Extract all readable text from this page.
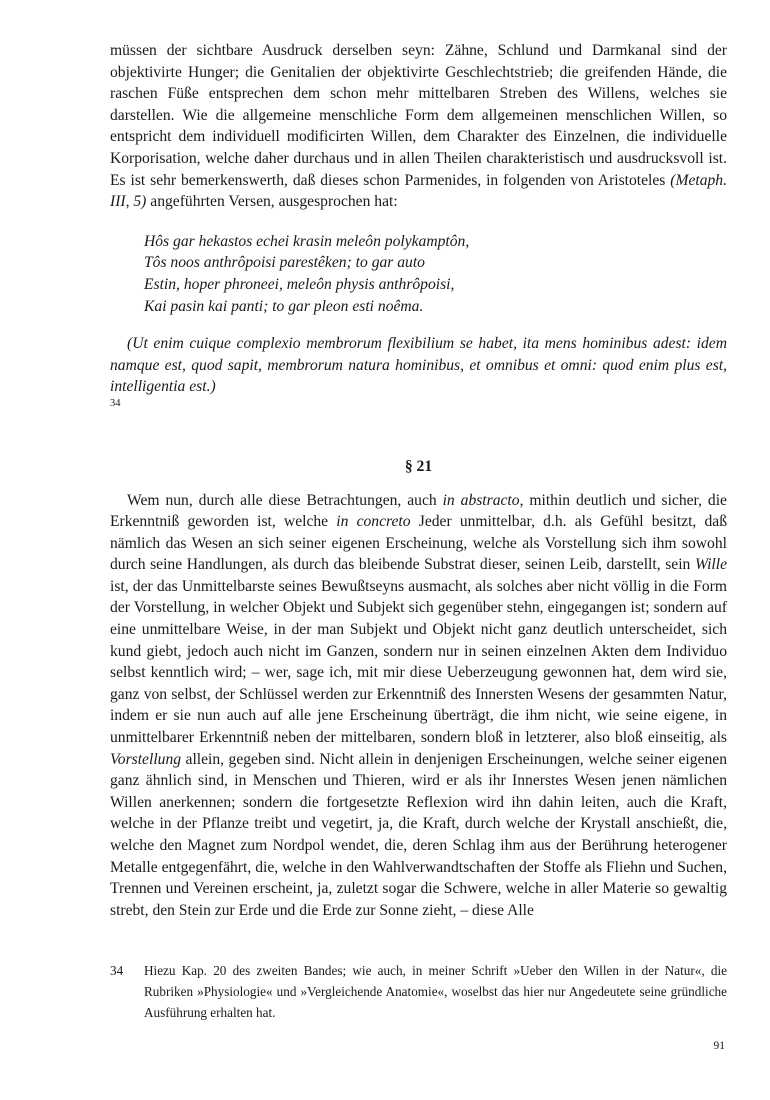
müssen der sichtbare Ausdruck derselben seyn: Zähne, Schlund und Darmkanal sind der objektivirte Hunger; die Genitalien der objektivirte Geschlechtstrieb; die greifenden Hände, die raschen Füße entsprechen dem schon mehr mittelbaren Streben des Willens, welches sie darstellen. Wie die allgemeine menschliche Form dem allgemeinen menschlichen Willen, so entspricht dem individuell modificirten Willen, dem Charakter des Einzelnen, die individuelle Korporisation, welche daher durchaus und in allen Theilen charakteristisch und ausdrucksvoll ist. Es ist sehr bemerkenswerth, daß dieses schon Parmenides, in folgenden von Aristoteles (Metaph. III, 5) angeführten Versen, ausgesprochen hat:

Hôs gar hekastos echei krasin meleôn polykamptôn,
Tôs noos anthrôpoisi parestêken; to gar auto
Estin, hoper phroneei, meleôn physis anthrôpoisi,
Kai pasin kai panti; to gar pleon esti noêma.

(Ut enim cuique complexio membrorum flexibilium se habet, ita mens hominibus adest: idem namque est, quod sapit, membrorum natura hominibus, et omnibus et omni: quod enim plus est, intelligentia est.)

34
§ 21

Wem nun, durch alle diese Betrachtungen, auch in abstracto, mithin deutlich und sicher, die Erkenntniß geworden ist, welche in concreto Jeder unmittelbar, d.h. als Gefühl besitzt, daß nämlich das Wesen an sich seiner eigenen Erscheinung, welche als Vorstellung sich ihm sowohl durch seine Handlungen, als durch das bleibende Substrat dieser, seinen Leib, darstellt, sein Wille ist, der das Unmittelbarste seines Bewußtseyns ausmacht, als solches aber nicht völlig in die Form der Vorstellung, in welcher Objekt und Subjekt sich gegenüber stehn, eingegangen ist; sondern auf eine unmittelbare Weise, in der man Subjekt und Objekt nicht ganz deutlich unterscheidet, sich kund giebt, jedoch auch nicht im Ganzen, sondern nur in seinen einzelnen Akten dem Individuo selbst kenntlich wird; – wer, sage ich, mit mir diese Ueberzeugung gewonnen hat, dem wird sie, ganz von selbst, der Schlüssel werden zur Erkenntniß des Innersten Wesens der gesammten Natur, indem er sie nun auch auf alle jene Erscheinung überträgt, die ihm nicht, wie seine eigene, in unmittelbarer Erkenntniß neben der mittelbaren, sondern bloß in letzterer, also bloß einseitig, als Vorstellung allein, gegeben sind. Nicht allein in denjenigen Erscheinungen, welche seiner eigenen ganz ähnlich sind, in Menschen und Thieren, wird er als ihr Innerstes Wesen jenen nämlichen Willen anerkennen; sondern die fortgesetzte Reflexion wird ihn dahin leiten, auch die Kraft, welche in der Pflanze treibt und vegetirt, ja, die Kraft, durch welche der Krystall anschießt, die, welche den Magnet zum Nordpol wendet, die, deren Schlag ihm aus der Berührung heterogener Metalle entgegenfährt, die, welche in den Wahlverwandtschaften der Stoffe als Fliehn und Suchen, Trennen und Vereinen erscheint, ja, zuletzt sogar die Schwere, welche in aller Materie so gewaltig strebt, den Stein zur Erde und die Erde zur Sonne zieht, – diese Alle

34	Hiezu Kap. 20 des zweiten Bandes; wie auch, in meiner Schrift »Ueber den Willen in der Natur«, die Rubriken »Physiologie« und »Vergleichende Anatomie«, woselbst das hier nur Angedeutete seine gründliche Ausführung erhalten hat.
91
